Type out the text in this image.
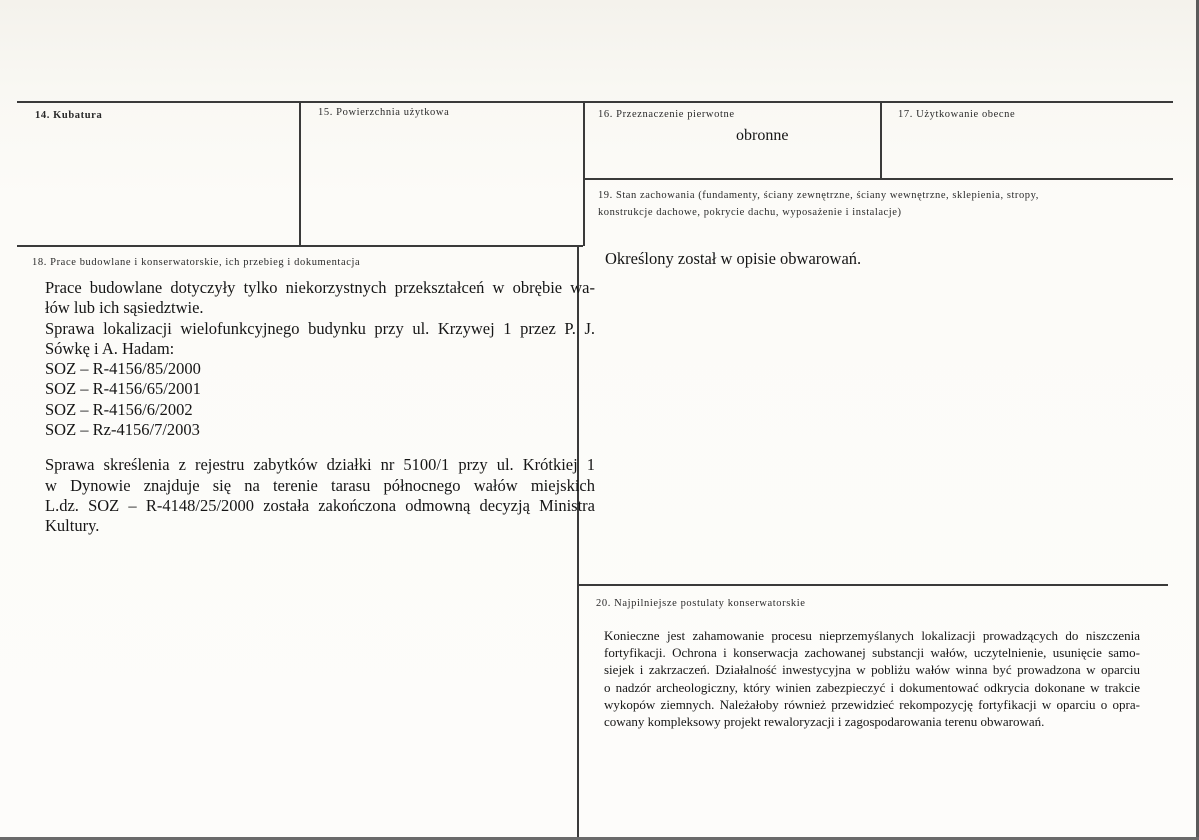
14. Kubatura	15. Powierzchnia użytkowa	16. Przeznaczenie pierwotne
obronne
17. Użytkowanie obecne
19. Stan zachowania (fundamenty, ściany zewnętrzne, ściany wewnętrzne, sklepienia, stropy,
konstrukcje dachowe, pokrycie dachu, wyposażenie i instalacje)
Określony został w opisie obwarowań.
18. Prace budowlane i konserwatorskie, ich przebieg i dokumentacja
Prace budowlane dotyczyły tylko niekorzystnych przekształceń w obrębie wa-
łów lub ich sąsiedztwie.
Sprawa lokalizacji wielofunkcyjnego budynku przy ul. Krzywej 1 przez P. J.
Sówkę i A. Hadam:
SOZ – R-4156/85/2000
SOZ – R-4156/65/2001
SOZ – R-4156/6/2002
SOZ – Rz-4156/7/2003
Sprawa skreślenia z rejestru zabytków działki nr 5100/1 przy ul. Krótkiej 1
w Dynowie znajduje się na terenie tarasu północnego wałów miejskich
L.dz. SOZ – R-4148/25/2000 została zakończona odmowną decyzją Ministra
Kultury.
20. Najpilniejsze postulaty konserwatorskie
Konieczne jest zahamowanie procesu nieprzemyślanych lokalizacji prowadzących do niszczenia
fortyfikacji. Ochrona i konserwacja zachowanej substancji wałów, uczytelnienie, usunięcie samo-
siejek i zakrzaczeń. Działalność inwestycyjna w pobliżu wałów winna być prowadzona w oparciu
o nadzór archeologiczny, który winien zabezpieczyć i dokumentować odkrycia dokonane w trakcie
wykopów ziemnych. Należałoby również przewidzieć rekompozycję fortyfikacji w oparciu o opra-
cowany kompleksowy projekt rewaloryzacji i zagospodarowania terenu obwarowań.
